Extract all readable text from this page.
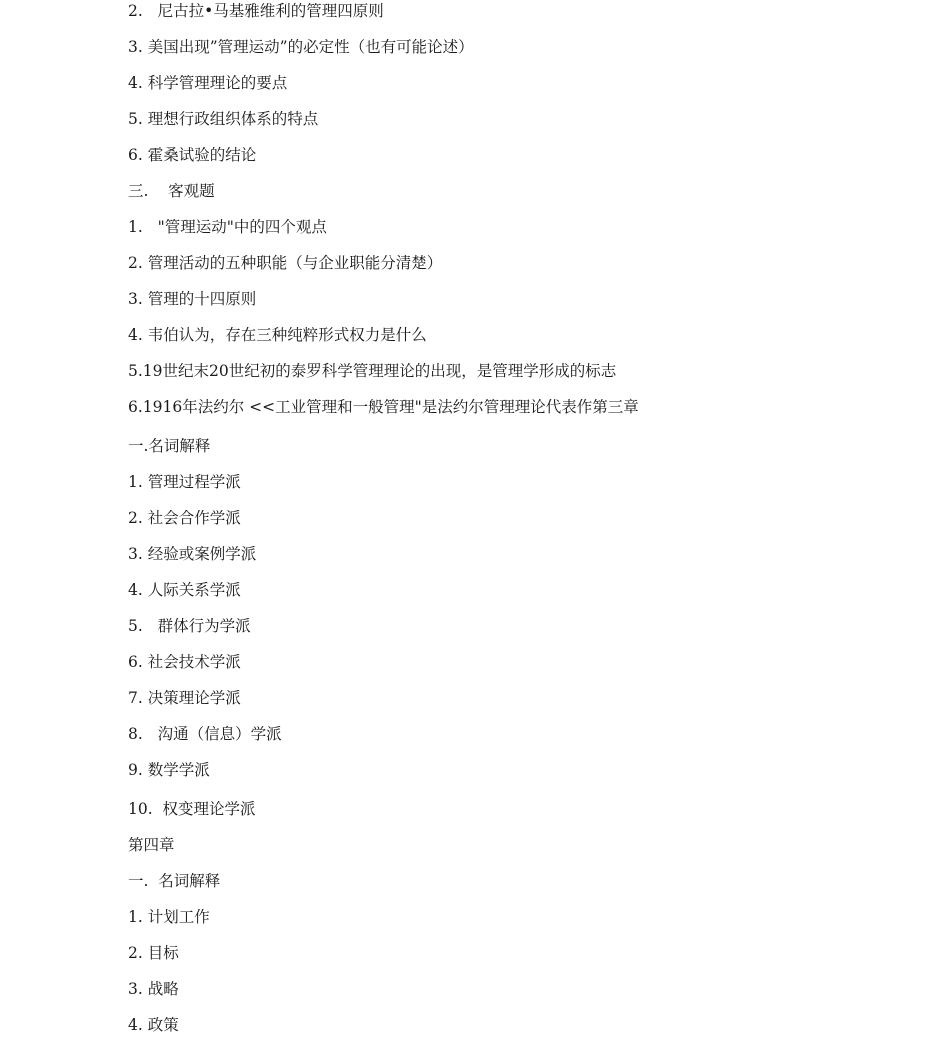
2.   尼古拉•马基雅维利的管理四原则
3. 美国出现”管理运动”的必定性（也有可能论述）
4. 科学管理理论的要点
5. 理想行政组织体系的特点
6. 霍桑试验的结论
三.    客观题
1.   "管理运动"中的四个观点
2. 管理活动的五种职能（与企业职能分清楚）
3. 管理的十四原则
4. 韦伯认为，存在三种纯粹形式权力是什么
5.19世纪末20世纪初的泰罗科学管理理论的出现，是管理学形成的标志
6.1916年法约尔 <<工业管理和一般管理"是法约尔管理理论代表作第三章
一.名词解释
1. 管理过程学派
2. 社会合作学派
3. 经验或案例学派
4. 人际关系学派
5.   群体行为学派
6. 社会技术学派
7. 决策理论学派
8.   沟通（信息）学派
9. 数学学派
10.  权变理论学派
第四章
一.  名词解释
1. 计划工作
2. 目标
3. 战略
4. 政策
